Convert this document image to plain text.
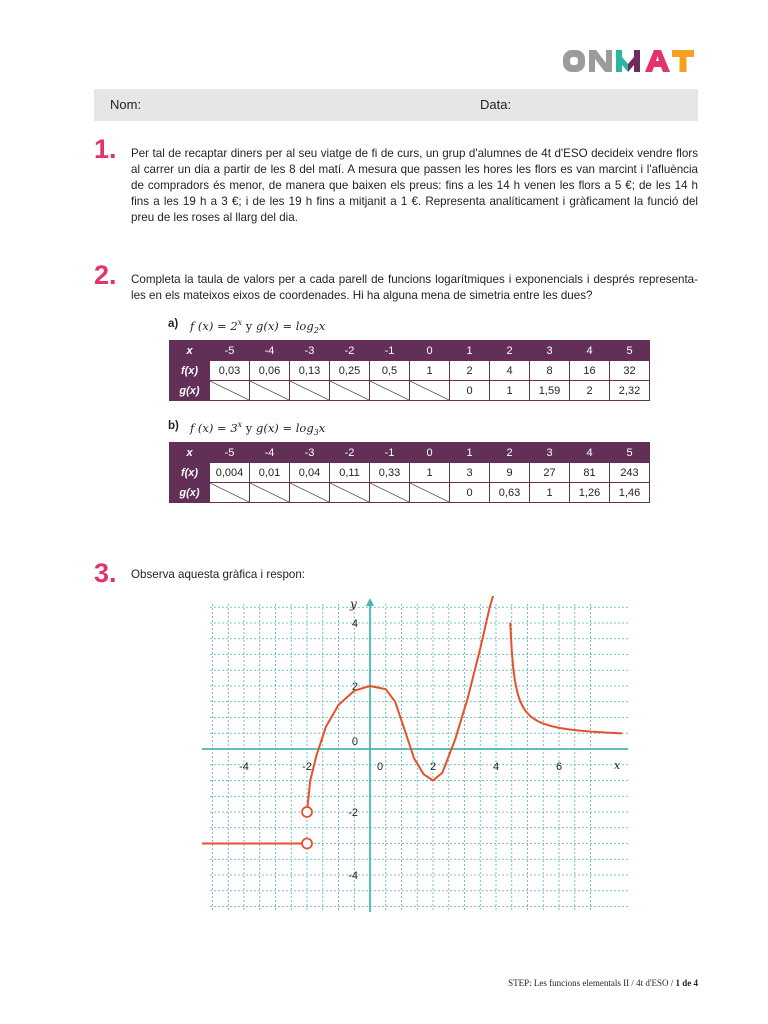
Nom:	Data:
1. Per tal de recaptar diners per al seu viatge de fi de curs, un grup d'alumnes de 4t d'ESO decideix vendre flors al carrer un dia a partir de les 8 del matí. A mesura que passen les hores les flors es van marcint i l'afluència de compradors és menor, de manera que baixen els preus: fins a les 14 h venen les flors a 5 €; de les 14 h fins a les 19 h a 3 €; i de les 19 h fins a mitjanit a 1 €. Representa analíticament i gràficament la funció del preu de les roses al llarg del dia.
2. Completa la taula de valors per a cada parell de funcions logarítmiques i exponencials i després representa-les en els mateixos eixos de coordenades. Hi ha alguna mena de simetria entre les dues?
a) f $(x) = 2^x$ y $g(x) = \log_2x$
x	-5	-4	-3	-2	-1	0	1	2	3	4	5
f(x)	0,03	0,06	0,13	0,25	0,5	1	2	4	8	16	32
g(x)							0	1	1,59	2	2,32
b) f $(x) = 3^x$ y $g(x) = \log_3x$
x	-5	-4	-3	-2	-1	0	1	2	3	4	5
f(x)	0,004	0,01	0,04	0,11	0,33	1	3	9	27	81	243
g(x)							0	0,63	1	1,26	1,46
3. Observa aquesta gràfica i respon:
-4	-2	0	2	4	6
4
2
-2
-4
0
x
y
STEP: Les funcions elementals II / 4t d'ESO / 1 de 4
